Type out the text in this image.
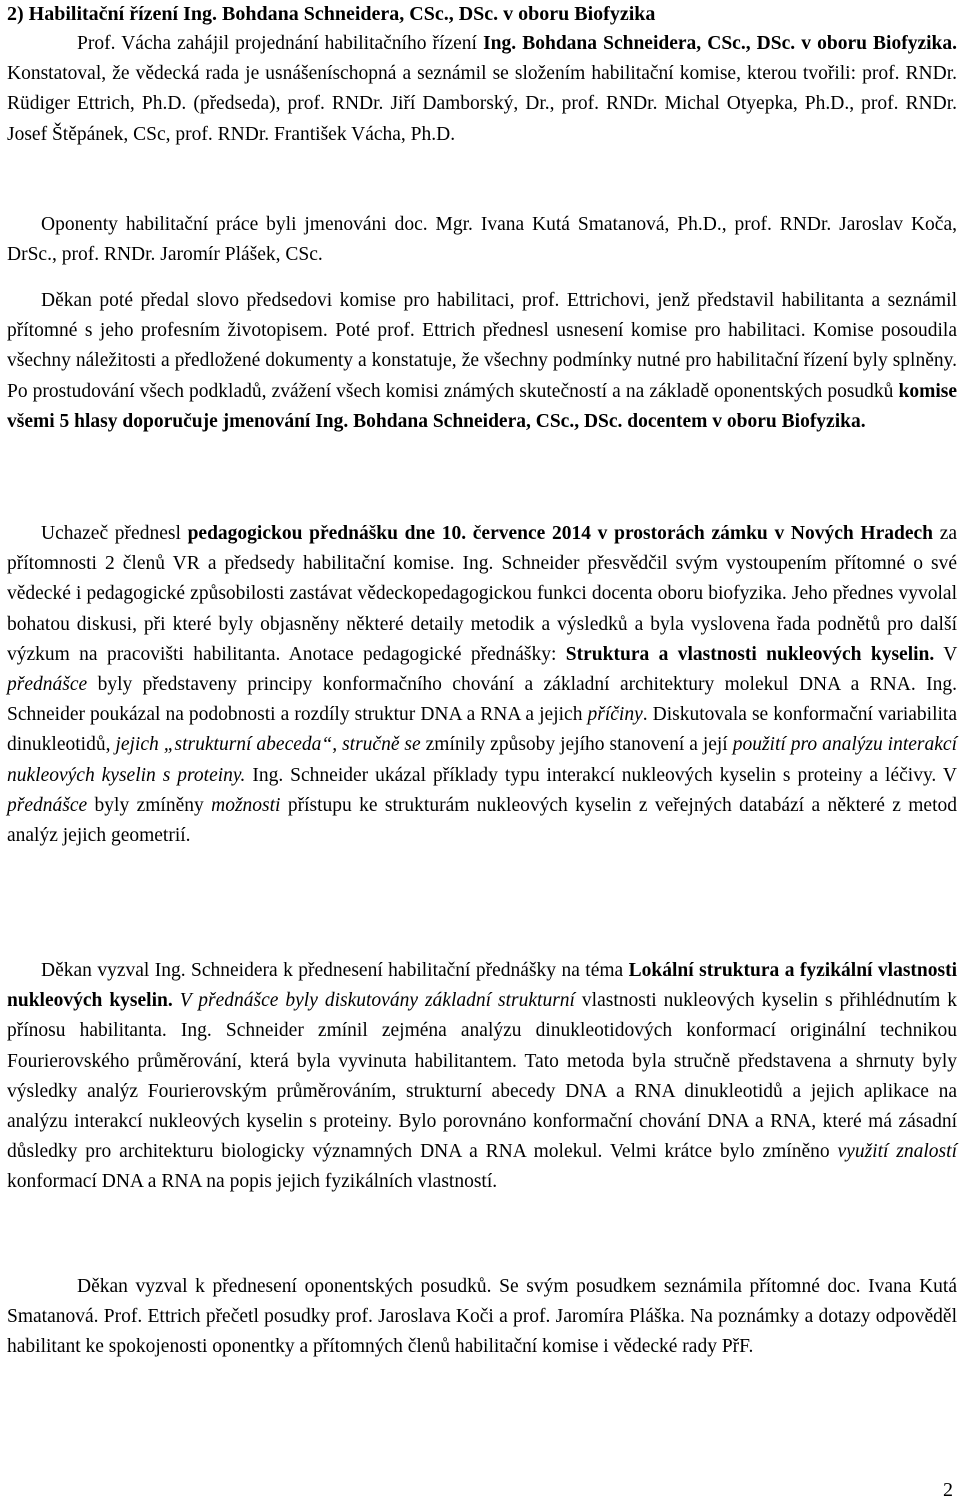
2) Habilitační řízení Ing. Bohdana Schneidera, CSc., DSc. v oboru Biofyzika

Prof. Vácha zahájil projednání habilitačního řízení Ing. Bohdana Schneidera, CSc., DSc. v oboru Biofyzika. Konstatoval, že vědecká rada je usnášeníschopná a seznámil se složením habilitační komise, kterou tvořili: prof. RNDr. Rüdiger Ettrich, Ph.D. (předseda), prof. RNDr. Jiří Damborský, Dr., prof. RNDr. Michal Otyepka, Ph.D., prof. RNDr. Josef Štěpánek, CSc, prof. RNDr. František Vácha, Ph.D.

Oponenty habilitační práce byli jmenováni doc. Mgr. Ivana Kutá Smatanová, Ph.D., prof. RNDr. Jaroslav Koča, DrSc., prof. RNDr. Jaromír Plášek, CSc.

Děkan poté předal slovo předsedovi komise pro habilitaci, prof. Ettrichovi, jenž představil habilitanta a seznámil přítomné s jeho profesním životopisem. Poté prof. Ettrich přednesl usnesení komise pro habilitaci. Komise posoudila všechny náležitosti a předložené dokumenty a konstatuje, že všechny podmínky nutné pro habilitační řízení byly splněny. Po prostudování všech podkladů, zvážení všech komisi známých skutečností a na základě oponentských posudků komise všemi 5 hlasy doporučuje jmenování Ing. Bohdana Schneidera, CSc., DSc. docentem v oboru Biofyzika.

Uchazeč přednesl pedagogickou přednášku dne 10. července 2014 v prostorách zámku v Nových Hradech za přítomnosti 2 členů VR a předsedy habilitační komise. Ing. Schneider přesvědčil svým vystoupením přítomné o své vědecké i pedagogické způsobilosti zastávat vědeckopedagogickou funkci docenta oboru biofyzika. Jeho přednes vyvolal bohatou diskusi, při které byly objasněny některé detaily metodik a výsledků a byla vyslovena řada podnětů pro další výzkum na pracovišti habilitanta. Anotace pedagogické přednášky: Struktura a vlastnosti nukleových kyselin. V přednášce byly představeny principy konformačního chování a základní architektury molekul DNA a RNA. Ing. Schneider poukázal na podobnosti a rozdíly struktur DNA a RNA a jejich příčiny. Diskutovala se konformační variabilita dinukleotidů, jejich „strukturní abeceda“, stručně se zmínily způsoby jejího stanovení a její použití pro analýzu interakcí nukleových kyselin s proteiny. Ing. Schneider ukázal příklady typu interakcí nukleových kyselin s proteiny a léčivy. V přednášce byly zmíněny možnosti přístupu ke strukturám nukleových kyselin z veřejných databází a některé z metod analýz jejich geometrií.

Děkan vyzval Ing. Schneidera k přednesení habilitační přednášky na téma Lokální struktura a fyzikální vlastnosti nukleových kyselin. V přednášce byly diskutovány základní strukturní vlastnosti nukleových kyselin s přihlédnutím k přínosu habilitanta. Ing. Schneider zmínil zejména analýzu dinukleotidových konformací originální technikou Fourierovského průměrování, která byla vyvinuta habilitantem. Tato metoda byla stručně představena a shrnuty byly výsledky analýz Fourierovským průměrováním, strukturní abecedy DNA a RNA dinukleotidů a jejich aplikace na analýzu interakcí nukleových kyselin s proteiny. Bylo porovnáno konformační chování DNA a RNA, které má zásadní důsledky pro architekturu biologicky významných DNA a RNA molekul. Velmi krátce bylo zmíněno využití znalostí konformací DNA a RNA na popis jejich fyzikálních vlastností.

Děkan vyzval k přednesení oponentských posudků. Se svým posudkem seznámila přítomné doc. Ivana Kutá Smatanová. Prof. Ettrich přečetl posudky prof. Jaroslava Koči a prof. Jaromíra Pláška. Na poznámky a dotazy odpověděl habilitant ke spokojenosti oponentky a přítomných členů habilitační komise i vědecké rady PřF.

2
